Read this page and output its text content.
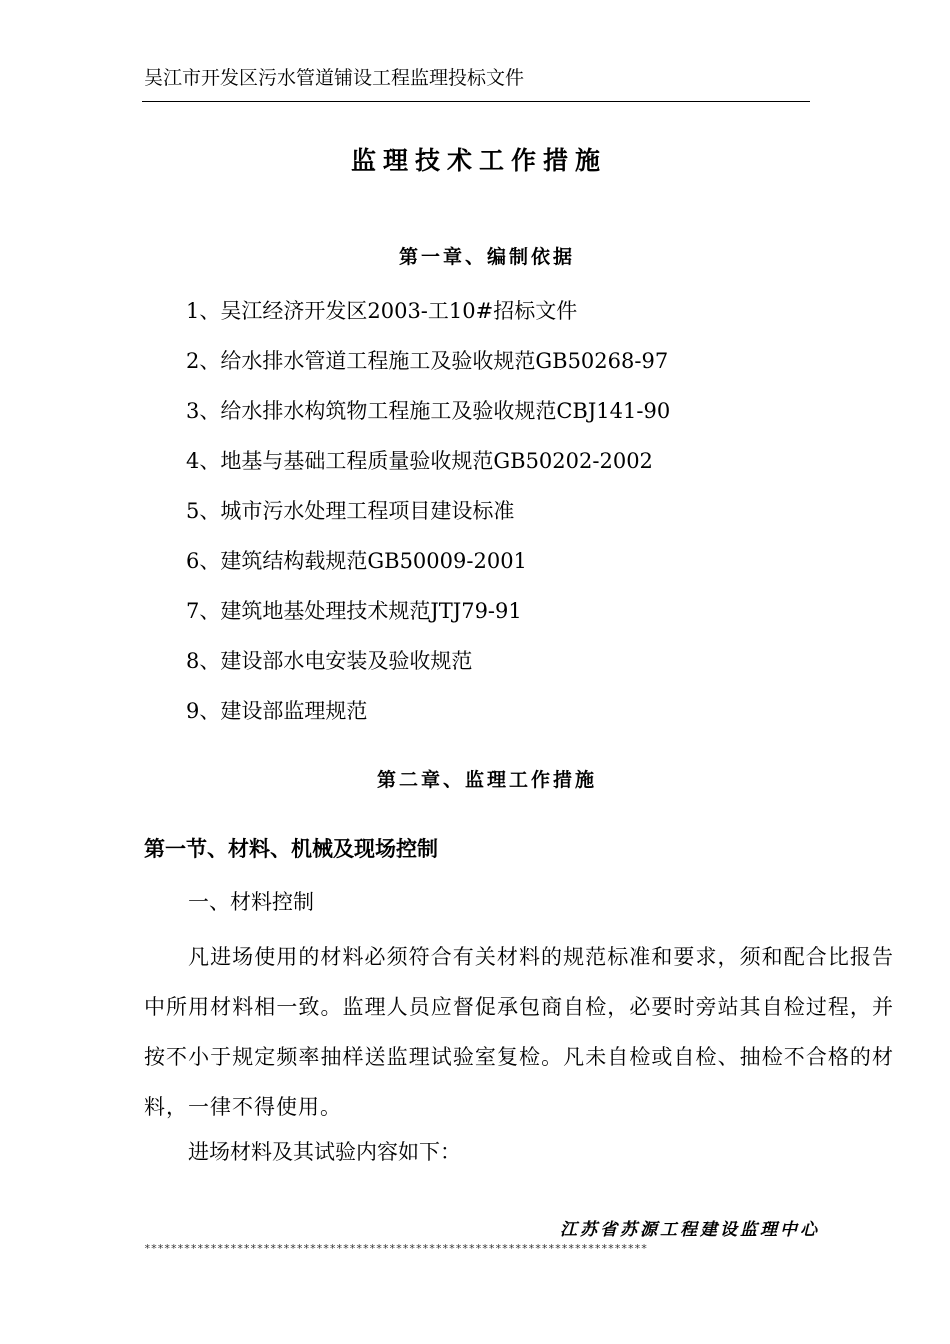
吴江市开发区污水管道铺设工程监理投标文件
监理技术工作措施
第一章、编制依据
1、吴江经济开发区2003-工10#招标文件
2、给水排水管道工程施工及验收规范GB50268-97
3、给水排水构筑物工程施工及验收规范CBJ141-90
4、地基与基础工程质量验收规范GB50202-2002
5、城市污水处理工程项目建设标准
6、建筑结构载规范GB50009-2001
7、建筑地基处理技术规范JTJ79-91
8、建设部水电安装及验收规范
9、建设部监理规范
第二章、监理工作措施
第一节、材料、机械及现场控制
一、材料控制

凡进场使用的材料必须符合有关材料的规范标准和要求，须和配合比报告中所用材料相一致。监理人员应督促承包商自检，必要时旁站其自检过程，并按不小于规定频率抽样送监理试验室复检。凡未自检或自检、抽检不合格的材料，一律不得使用。

进场材料及其试验内容如下：
江苏省苏源工程建设监理中心
****************************************************************************
